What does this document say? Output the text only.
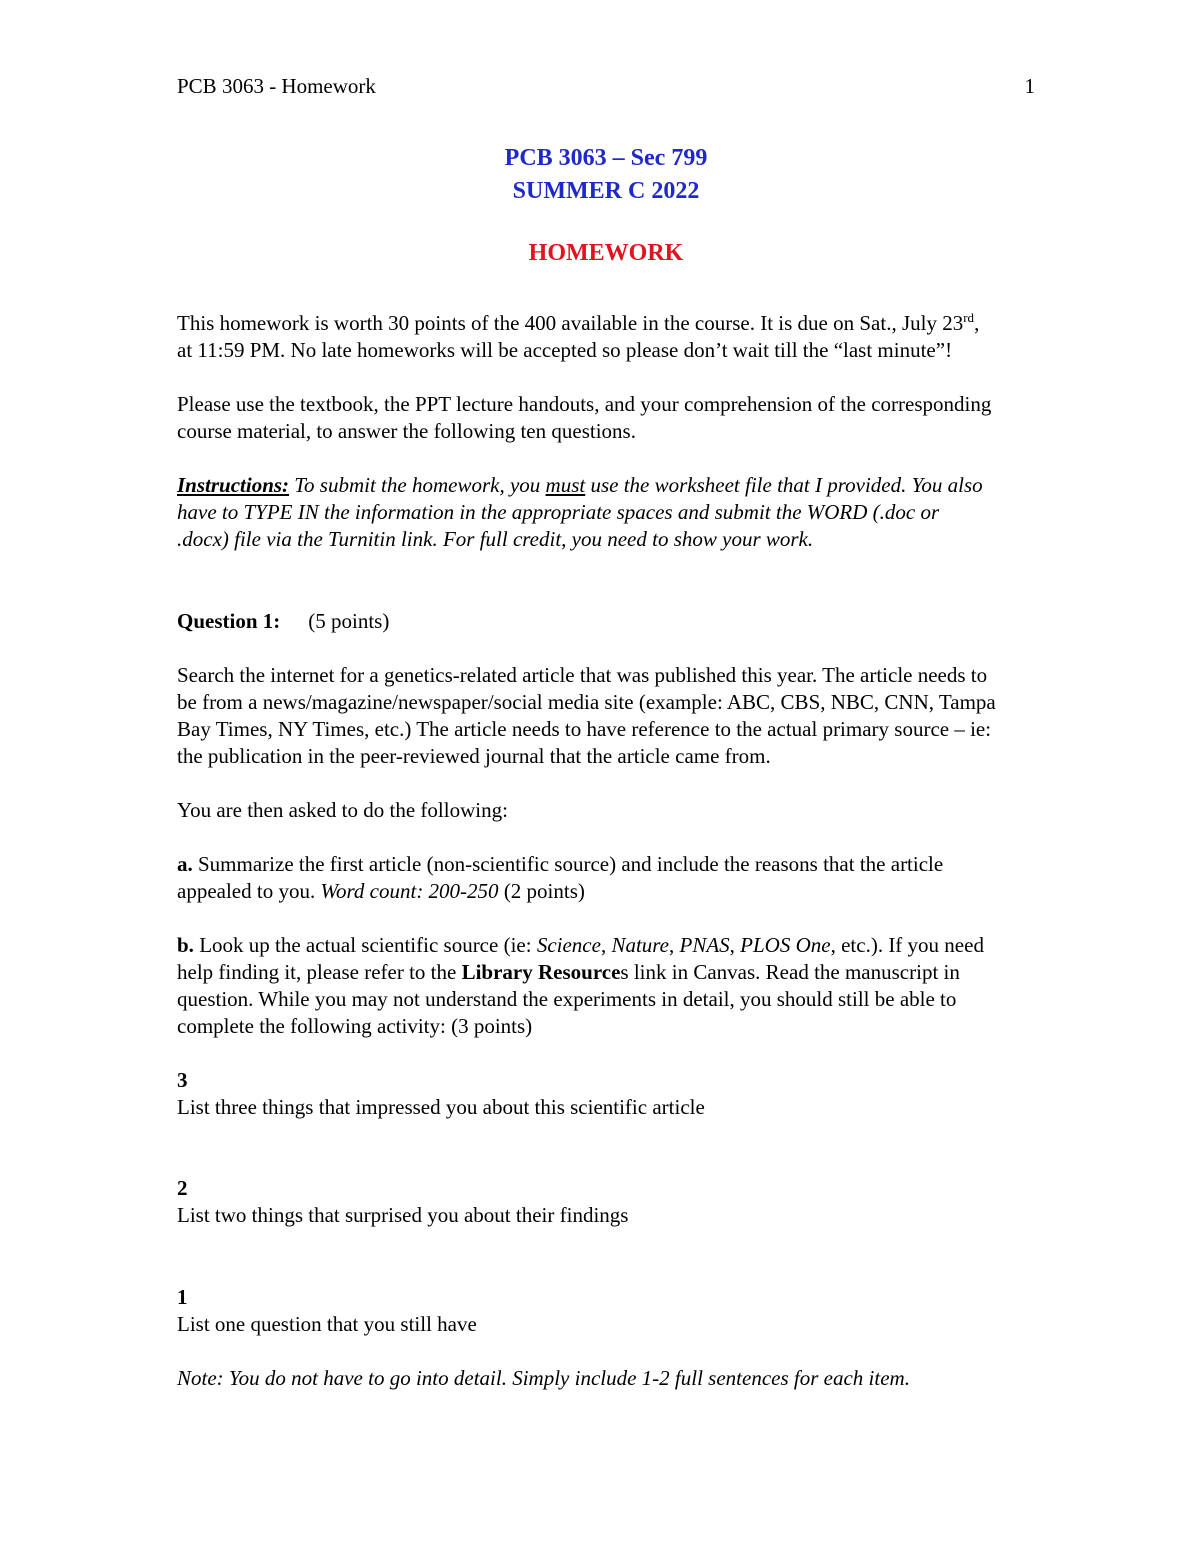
PCB 3063 - Homework	1
PCB 3063 – Sec 799
SUMMER C 2022
HOMEWORK
This homework is worth 30 points of the 400 available in the course. It is due on Sat., July 23rd,
at 11:59 PM. No late homeworks will be accepted so please don’t wait till the “last minute”!
Please use the textbook, the PPT lecture handouts, and your comprehension of the corresponding
course material, to answer the following ten questions.
Instructions: To submit the homework, you must use the worksheet file that I provided. You also
have to TYPE IN the information in the appropriate spaces and submit the WORD (.doc or
.docx) file via the Turnitin link. For full credit, you need to show your work.
Question 1: (5 points)
Search the internet for a genetics-related article that was published this year. The article needs to
be from a news/magazine/newspaper/social media site (example: ABC, CBS, NBC, CNN, Tampa
Bay Times, NY Times, etc.) The article needs to have reference to the actual primary source – ie:
the publication in the peer-reviewed journal that the article came from.
You are then asked to do the following:
a. Summarize the first article (non-scientific source) and include the reasons that the article
appealed to you. Word count: 200-250 (2 points)
b. Look up the actual scientific source (ie: Science, Nature, PNAS, PLOS One, etc.). If you need
help finding it, please refer to the Library Resources link in Canvas. Read the manuscript in
question. While you may not understand the experiments in detail, you should still be able to
complete the following activity: (3 points)
3
List three things that impressed you about this scientific article
2
List two things that surprised you about their findings
1
List one question that you still have
Note: You do not have to go into detail. Simply include 1-2 full sentences for each item.
